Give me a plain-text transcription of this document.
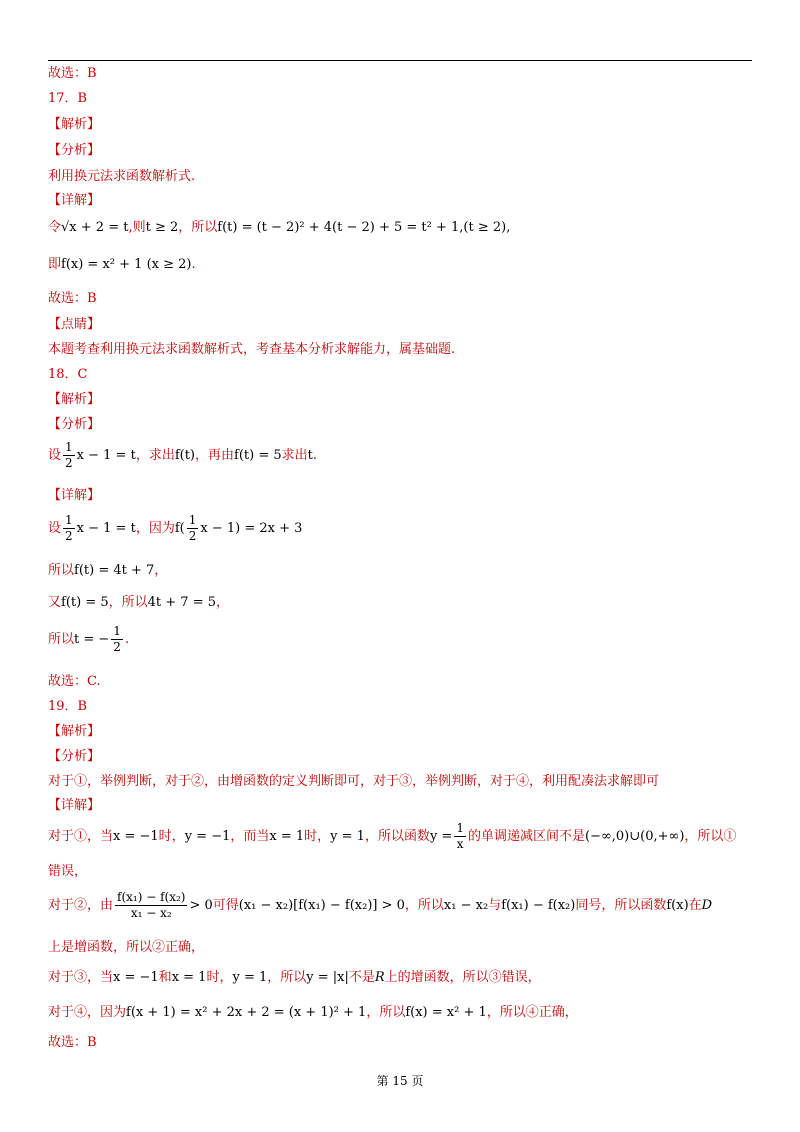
故选：B
17．B
【解析】
【分析】
利用换元法求函数解析式.
【详解】
令√x + 2 = t,则t ≥ 2，所以f(t) = (t − 2)² + 4(t − 2) + 5 = t² + 1,(t ≥ 2),
即f(x) = x² + 1 (x ≥ 2).
故选：B
【点睛】
本题考查利用换元法求函数解析式，考查基本分析求解能力，属基础题.
18．C
【解析】
【分析】
设 $\frac{1}{2}$ x − 1 = t，求出f(t)，再由f(t) = 5求出t.
【详解】
设 $\frac{1}{2}$ x − 1 = t，因为$f( \frac{1}{2}$ x − 1) = 2x + 3
所以f(t) = 4t + 7，
又f(t) = 5，所以4t + 7 = 5，
所以t = − $\frac{1}{2}$ .
故选：C.
19．B
【解析】
【分析】
对于①，举例判断，对于②，由增函数的定义判断即可，对于③，举例判断，对于④，利用配凑法求解即可
【详解】
对于①，当x = −1时，y = −1，而当x = 1时，y = 1，所以函数$y = \frac{1}{x}$ 的单调递减区间不是(−∞,0)∪(0,+∞)，所以①
错误，
对于②，由 $\frac{\text{f(x₁) − f(x₂)}}{\text{x₁ − x₂}} > 0$可得(x₁ − x₂)[f(x₁) − f(x₂)] > 0，所以x₁ − x₂与f(x₁) − f(x₂)同号，所以函数f(x)在D
上是增函数，所以②正确，
对于③，当x = −1和x = 1时，y = 1，所以y = |x|不是R上的增函数，所以③错误，
对于④，因为f(x + 1) = x² + 2x + 2 = (x + 1)² + 1，所以f(x) = x² + 1，所以④正确，
故选：B
第 15 页
